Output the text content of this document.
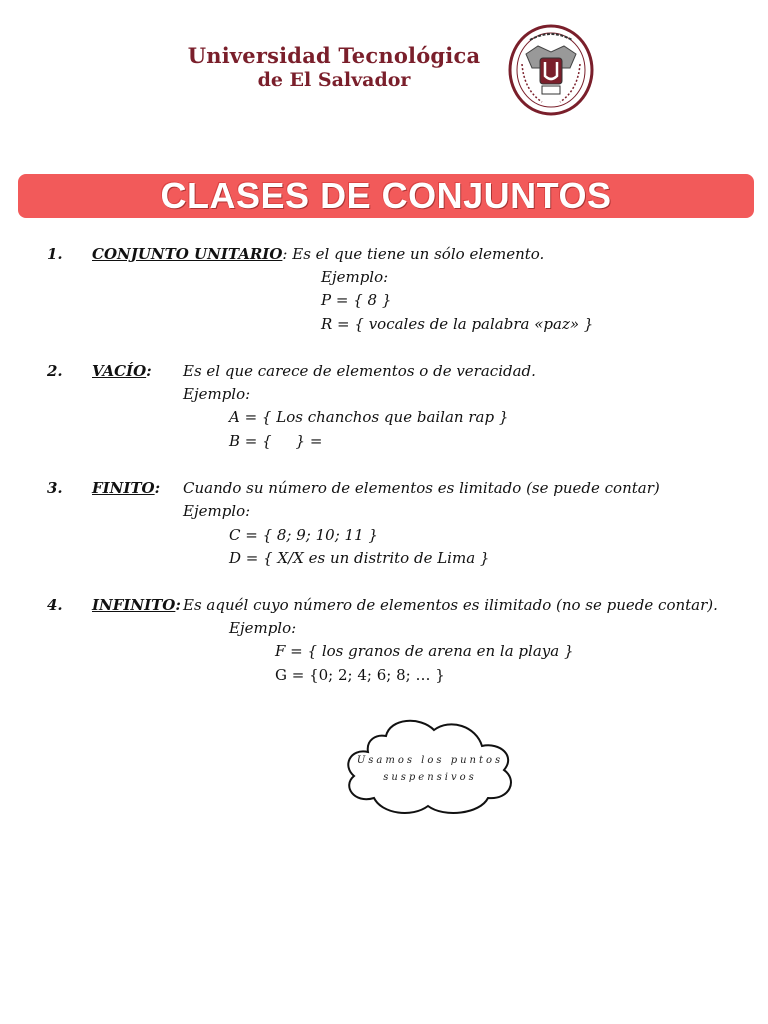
Universidad Tecnológica
de El Salvador

CLASES DE CONJUNTOS
1. CONJUNTO UNITARIO: Es el que tiene un sólo elemento.

Ejemplo:

P = { 8 }

R = { vocales de la palabra «paz» }

2. VACÍO: Es el que carece de elementos o de veracidad.

Ejemplo:

A = { Los chanchos que bailan rap }

B = {     } =

3. FINITO: Cuando su número de elementos es limitado (se puede contar)

Ejemplo:

C = { 8; 9; 10; 11 }

D = { X/X es un distrito de Lima }

4. INFINITO: Es aquél cuyo número de elementos es ilimitado (no se puede contar).

Ejemplo:

F = { los granos de arena en la playa }

G = {0; 2; 4; 6; 8; … }

Usamos los puntos
suspensivos
